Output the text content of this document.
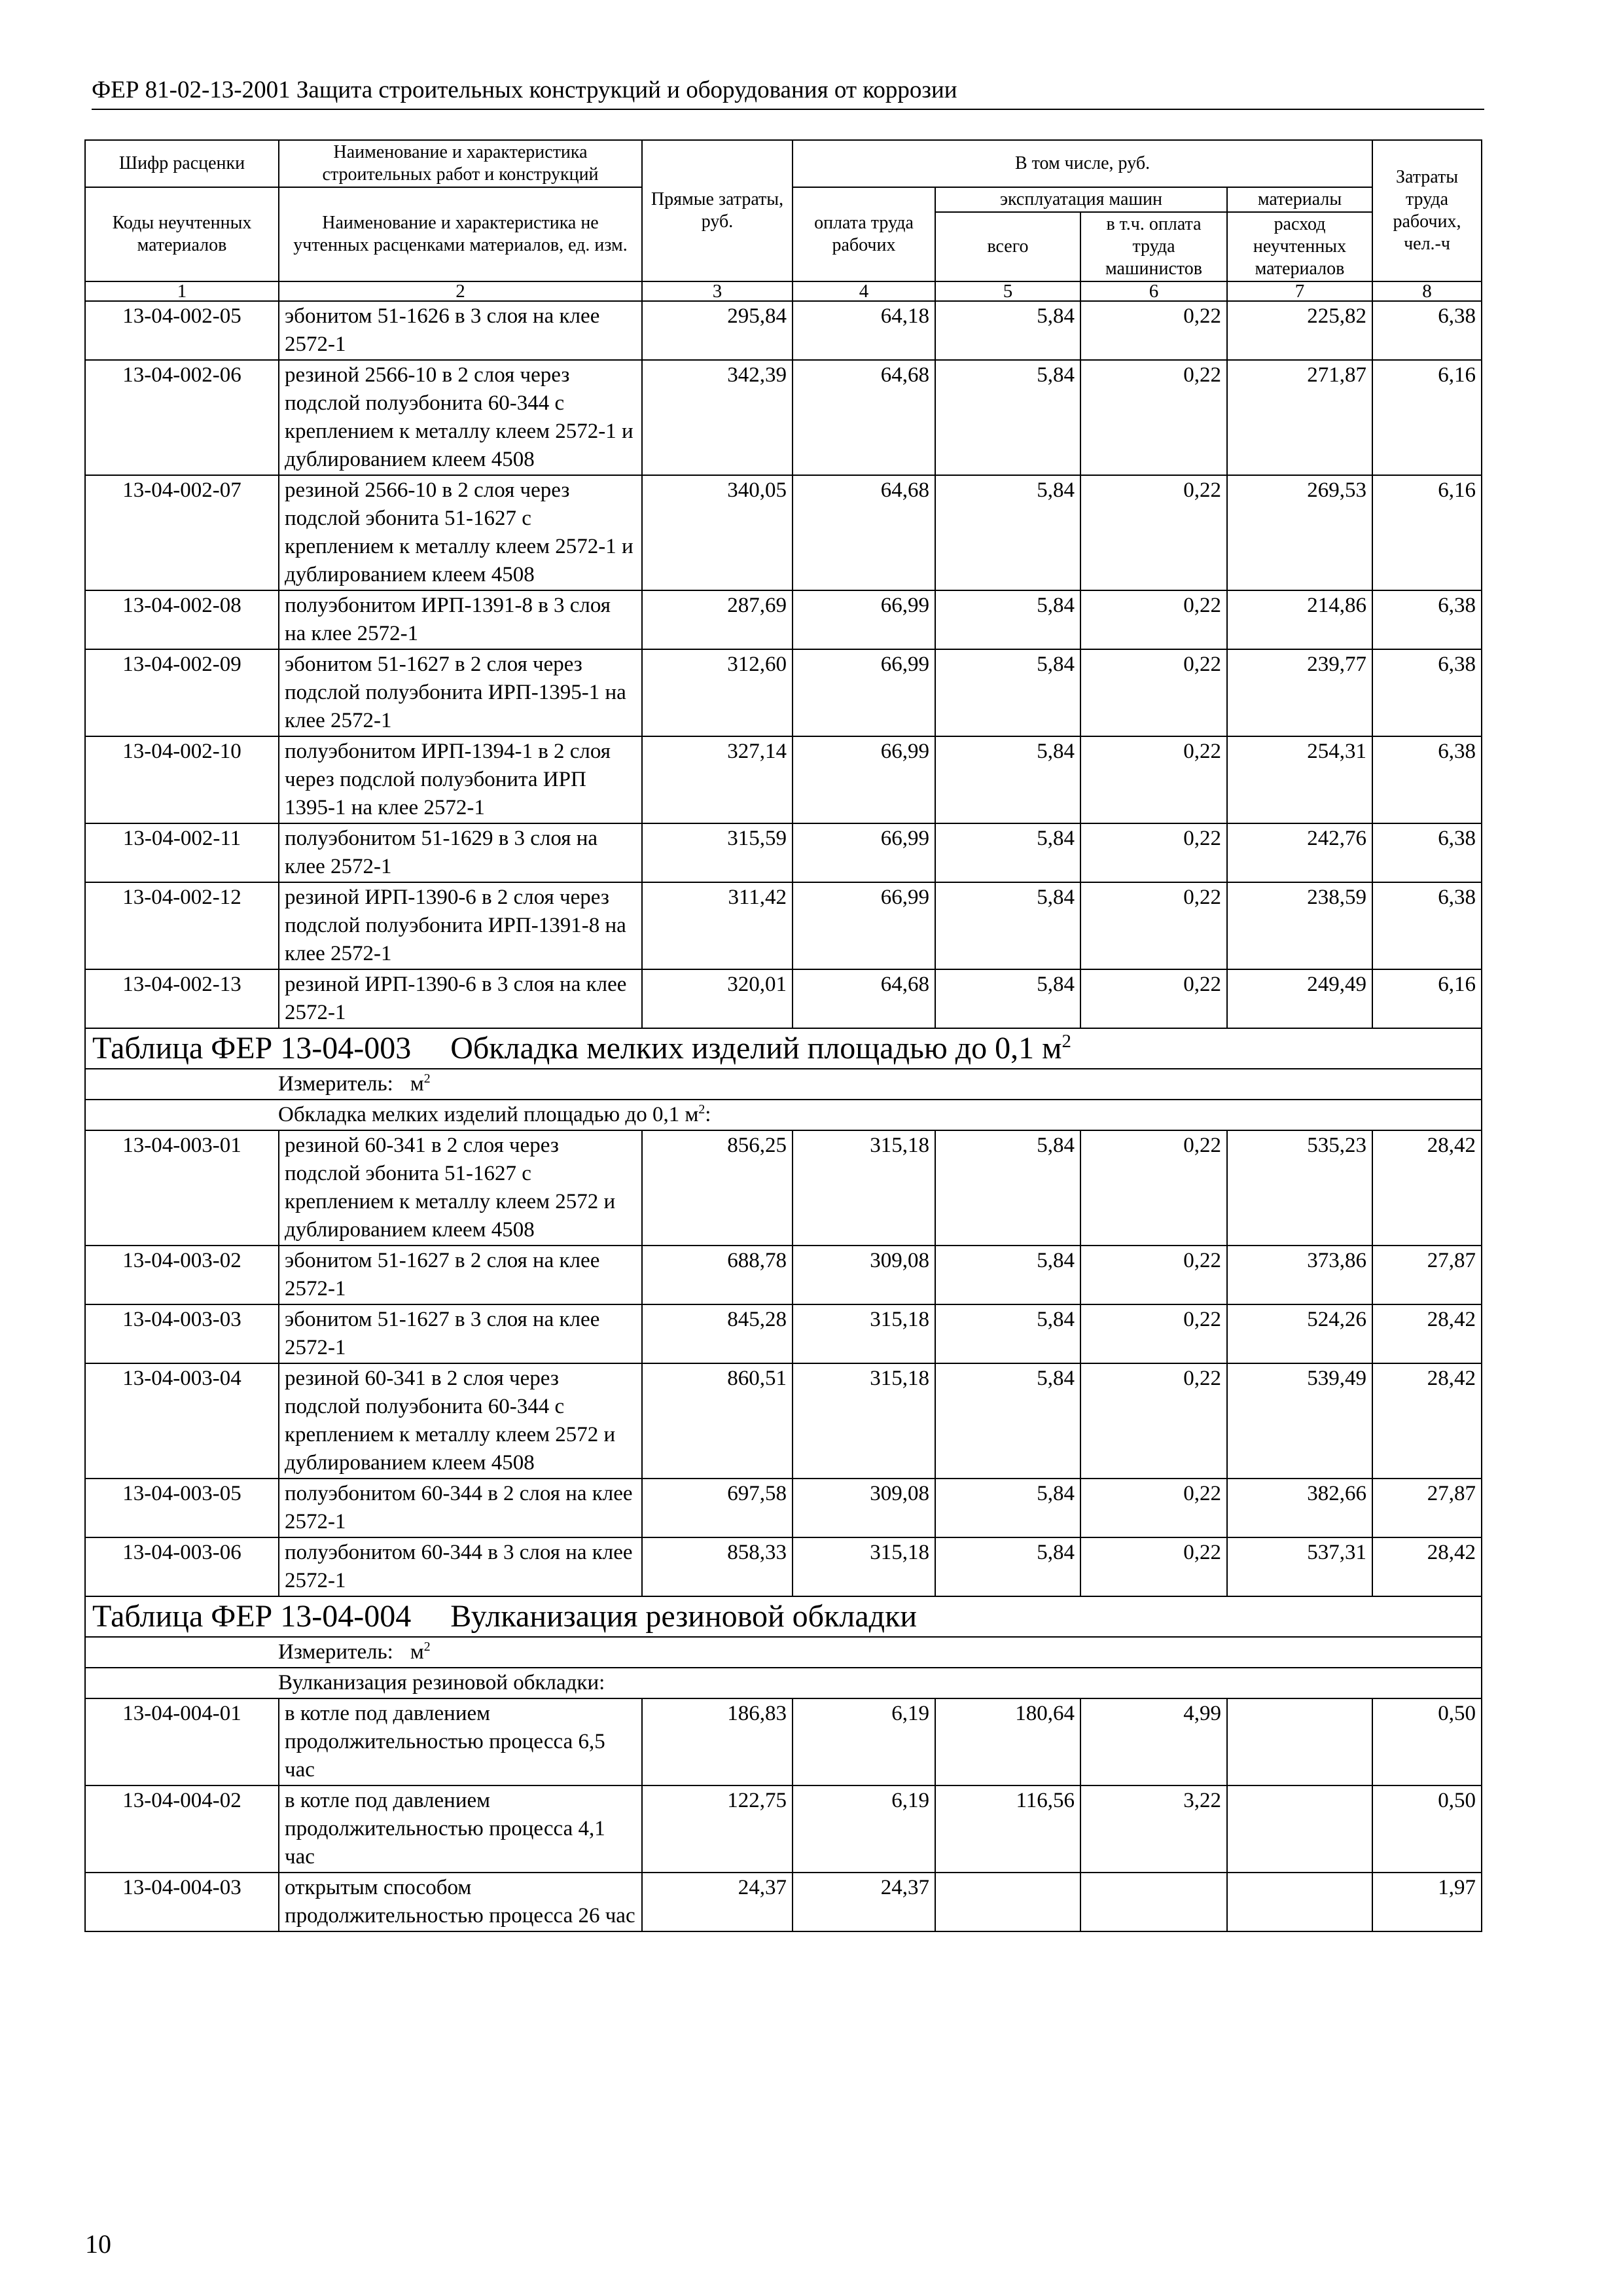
ФЕР 81-02-13-2001 Защита строительных конструкций и оборудования от коррозии
Шифр расценки	Наименование и характеристика строительных работ и конструкций	Прямые затраты, руб.	В том числе, руб.				Затраты труда рабочих, чел.-ч
Коды неучтенных материалов	Наименование и характеристика не учтенных расценками материалов, ед. изм.						
			оплата труда рабочих	эксплуатация машин		материалы	
				всего	в т.ч. оплата труда машинистов	расход неучтенных материалов	
1	2	3	4	5	6	7	8
13-04-002-05	эбонитом 51-1626 в 3 слоя на клее 2572-1	295,84	64,18	5,84	0,22	225,82	6,38
13-04-002-06	резиной 2566-10 в 2 слоя через подслой полуэбонита 60-344 с креплением к металлу клеем 2572-1 и дублированием клеем 4508	342,39	64,68	5,84	0,22	271,87	6,16
13-04-002-07	резиной 2566-10 в 2 слоя через подслой эбонита 51-1627 с креплением к металлу клеем 2572-1 и дублированием клеем 4508	340,05	64,68	5,84	0,22	269,53	6,16
13-04-002-08	полуэбонитом ИРП-1391-8 в 3 слоя на клее 2572-1	287,69	66,99	5,84	0,22	214,86	6,38
13-04-002-09	эбонитом 51-1627 в 2 слоя через подслой полуэбонита ИРП-1395-1 на клее 2572-1	312,60	66,99	5,84	0,22	239,77	6,38
13-04-002-10	полуэбонитом ИРП-1394-1 в 2 слоя через подслой полуэбонита ИРП 1395-1 на клее 2572-1	327,14	66,99	5,84	0,22	254,31	6,38
13-04-002-11	полуэбонитом 51-1629 в 3 слоя на клее 2572-1	315,59	66,99	5,84	0,22	242,76	6,38
13-04-002-12	резиной ИРП-1390-6 в 2 слоя через подслой полуэбонита ИРП-1391-8 на клее 2572-1	311,42	66,99	5,84	0,22	238,59	6,38
13-04-002-13	резиной ИРП-1390-6 в 3 слоя на клее 2572-1	320,01	64,68	5,84	0,22	249,49	6,16
Таблица ФЕР 13-04-003 Обкладка мелких изделий площадью до 0,1 $м^2$
Измеритель: $м^2$
Обкладка мелких изделий площадью до 0,1 $м^2$:							
13-04-003-01	резиной 60-341 в 2 слоя через подслой эбонита 51-1627 с креплением к металлу клеем 2572 и дублированием клеем 4508	856,25	315,18	5,84	0,22	535,23	28,42
13-04-003-02	эбонитом 51-1627 в 2 слоя на клее 2572-1	688,78	309,08	5,84	0,22	373,86	27,87
13-04-003-03	эбонитом 51-1627 в 3 слоя на клее 2572-1	845,28	315,18	5,84	0,22	524,26	28,42
13-04-003-04	резиной 60-341 в 2 слоя через подслой полуэбонита 60-344 с креплением к металлу клеем 2572 и дублированием клеем 4508	860,51	315,18	5,84	0,22	539,49	28,42
13-04-003-05	полуэбонитом 60-344 в 2 слоя на клее 2572-1	697,58	309,08	5,84	0,22	382,66	27,87
13-04-003-06	полуэбонитом 60-344 в 3 слоя на клее 2572-1	858,33	315,18	5,84	0,22	537,31	28,42
Таблица ФЕР 13-04-004 Вулканизация резиновой обкладки							
Измеритель: $м^2$
Вулканизация резиновой обкладки:							
13-04-004-01	в котле под давлением продолжительностью процесса 6,5 час	186,83	6,19	180,64	4,99		0,50
13-04-004-02	в котле под давлением продолжительностью процесса 4,1 час	122,75	6,19	116,56	3,22		0,50
13-04-004-03	открытым способом продолжительностью процесса 26 час	24,37	24,37				1,97
10
